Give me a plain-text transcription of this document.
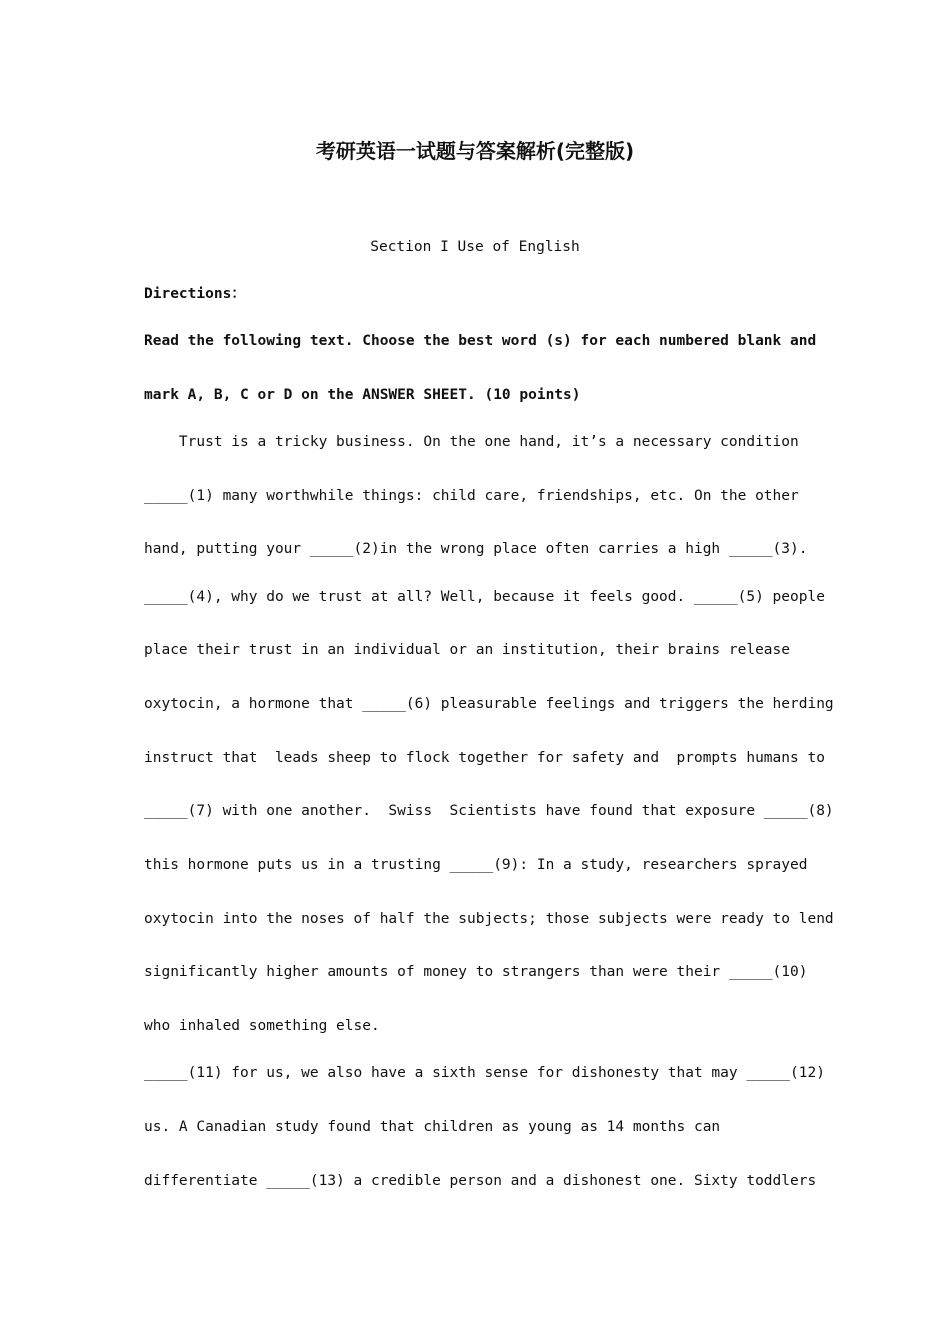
考研英语一试题与答案解析(完整版)

Section I Use of English

Directions：

Read the following text. Choose the best word (s) for each numbered blank and

mark A, B, C or D on the ANSWER SHEET. (10 points)

Trust is a tricky business. On the one hand, it’s a necessary condition

_____(1) many worthwhile things: child care, friendships, etc. On the other

hand, putting your _____(2)in the wrong place often carries a high _____(3).

_____(4), why do we trust at all? Well, because it feels good. _____(5) people

place their trust in an individual or an institution, their brains release

oxytocin, a hormone that _____(6) pleasurable feelings and triggers the herding

instruct that  leads sheep to flock together for safety and  prompts humans to

_____(7) with one another.  Swiss  Scientists have found that exposure _____(8)

this hormone puts us in a trusting _____(9): In a study, researchers sprayed

oxytocin into the noses of half the subjects; those subjects were ready to lend

significantly higher amounts of money to strangers than were their _____(10)

who inhaled something else.

_____(11) for us, we also have a sixth sense for dishonesty that may _____(12)

us. A Canadian study found that children as young as 14 months can

differentiate _____(13) a credible person and a dishonest one. Sixty toddlers
